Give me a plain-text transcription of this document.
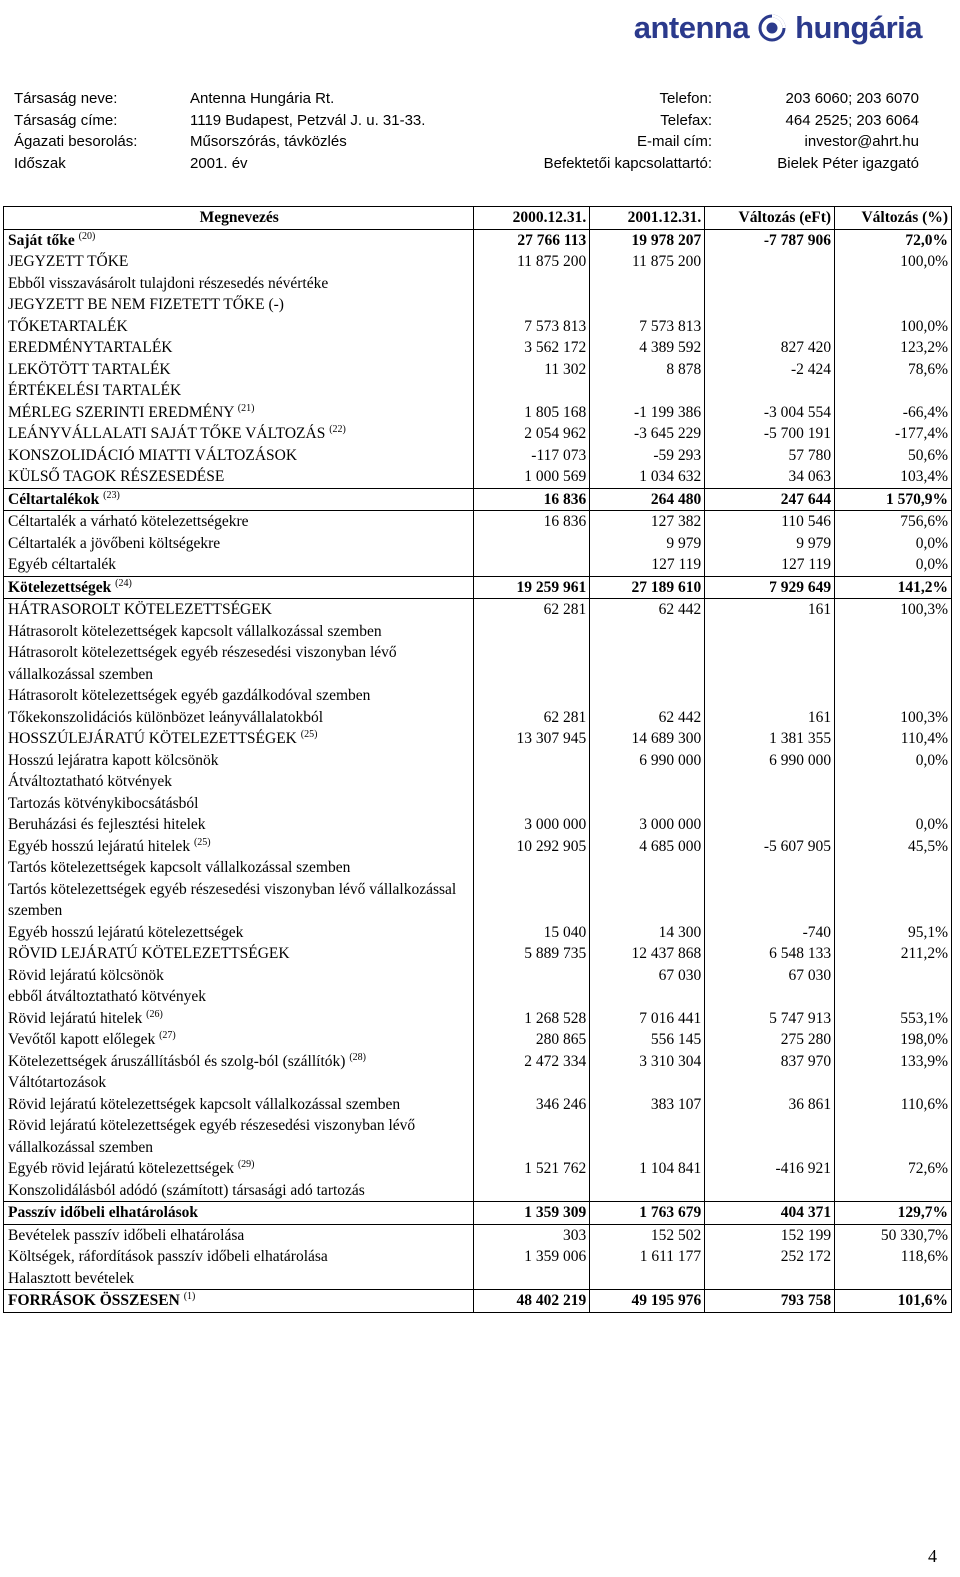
antenna hungária
Társaság neve:	Antenna Hungária Rt.	Telefon:	203 6060; 203 6070
Társaság címe:	1119 Budapest, Petzvál J. u. 31-33.	Telefax:	464 2525; 203 6064
Ágazati besorolás:	Műsorszórás, távközlés	E-mail cím:	investor@ahrt.hu
Időszak	2001. év	Befektetői kapcsolattartó:	Bielek Péter igazgató
Megnevezés	2000.12.31.	2001.12.31.	Változás (eFt)	Változás (%)
Saját tőke $^{(20)}$	27 766 113	19 978 207	-7 787 906	72,0%
JEGYZETT TŐKE	11 875 200	11 875 200		100,0%
Ebből visszavásárolt tulajdoni részesedés névértéke				
JEGYZETT BE NEM FIZETETT TŐKE (-)				
TŐKETARTALÉK	7 573 813	7 573 813		100,0%
EREDMÉNYTARTALÉK	3 562 172	4 389 592	827 420	123,2%
LEKÖTÖTT TARTALÉK	11 302	8 878	-2 424	78,6%
ÉRTÉKELÉSI TARTALÉK				
MÉRLEG SZERINTI EREDMÉNY $^{(21)}$	1 805 168	-1 199 386	-3 004 554	-66,4%
LEÁNYVÁLLALATI SAJÁT TŐKE VÁLTOZÁS $^{(22)}$	2 054 962	-3 645 229	-5 700 191	-177,4%
KONSZOLIDÁCIÓ MIATTI VÁLTOZÁSOK	-117 073	-59 293	57 780	50,6%
KÜLSŐ TAGOK RÉSZESEDÉSE	1 000 569	1 034 632	34 063	103,4%
Céltartalékok $^{(23)}$	16 836	264 480	247 644	1 570,9%
Céltartalék a várható kötelezettségekre	16 836	127 382	110 546	756,6%
Céltartalék a jövőbeni költségekre		9 979	9 979	0,0%
Egyéb céltartalék		127 119	127 119	0,0%
Kötelezettségek $^{(24)}$	19 259 961	27 189 610	7 929 649	141,2%
HÁTRASOROLT KÖTELEZETTSÉGEK	62 281	62 442	161	100,3%
Hátrasorolt kötelezettségek kapcsolt vállalkozással szemben				
Hátrasorolt kötelezettségek egyéb részesedési viszonyban lévő vállalkozással szemben				
Hátrasorolt kötelezettségek egyéb gazdálkodóval szemben				
Tőkekonszolidációs különbözet leányvállalatokból	62 281	62 442	161	100,3%
HOSSZÚLEJÁRATÚ KÖTELEZETTSÉGEK $^{(25)}$	13 307 945	14 689 300	1 381 355	110,4%
Hosszú lejáratra kapott kölcsönök		6 990 000	6 990 000	0,0%
Átváltoztatható kötvények				
Tartozás kötvénykibocsátásból				
Beruházási és fejlesztési hitelek	3 000 000	3 000 000		0,0%
Egyéb hosszú lejáratú hitelek $^{(25)}$	10 292 905	4 685 000	-5 607 905	45,5%
Tartós kötelezettségek kapcsolt vállalkozással szemben				
Tartós kötelezettségek egyéb részesedési viszonyban lévő vállalkozással szemben				
Egyéb hosszú lejáratú kötelezettségek	15 040	14 300	-740	95,1%
RÖVID LEJÁRATÚ KÖTELEZETTSÉGEK	5 889 735	12 437 868	6 548 133	211,2%
Rövid lejáratú kölcsönök		67 030	67 030	
ebből átváltoztatható kötvények				
Rövid lejáratú hitelek $^{(26)}$	1 268 528	7 016 441	5 747 913	553,1%
Vevőtől kapott előlegek $^{(27)}$	280 865	556 145	275 280	198,0%
Kötelezettségek áruszállításból és szolg-ból (szállítók) $^{(28)}$	2 472 334	3 310 304	837 970	133,9%
Váltótartozások				
Rövid lejáratú kötelezettségek kapcsolt vállalkozással szemben	346 246	383 107	36 861	110,6%
Rövid lejáratú kötelezettségek egyéb részesedési viszonyban lévő vállalkozással szemben				
Egyéb rövid lejáratú kötelezettségek $^{(29)}$	1 521 762	1 104 841	-416 921	72,6%
Konszolidálásból adódó (számított) társasági adó tartozás				
Passzív időbeli elhatárolások	1 359 309	1 763 679	404 371	129,7%
Bevételek passzív időbeli elhatárolása	303	152 502	152 199	50 330,7%
Költségek, ráfordítások passzív időbeli elhatárolása	1 359 006	1 611 177	252 172	118,6%
Halasztott bevételek				
FORRÁSOK ÖSSZESEN $^{(1)}$	48 402 219	49 195 976	793 758	101,6%
4
